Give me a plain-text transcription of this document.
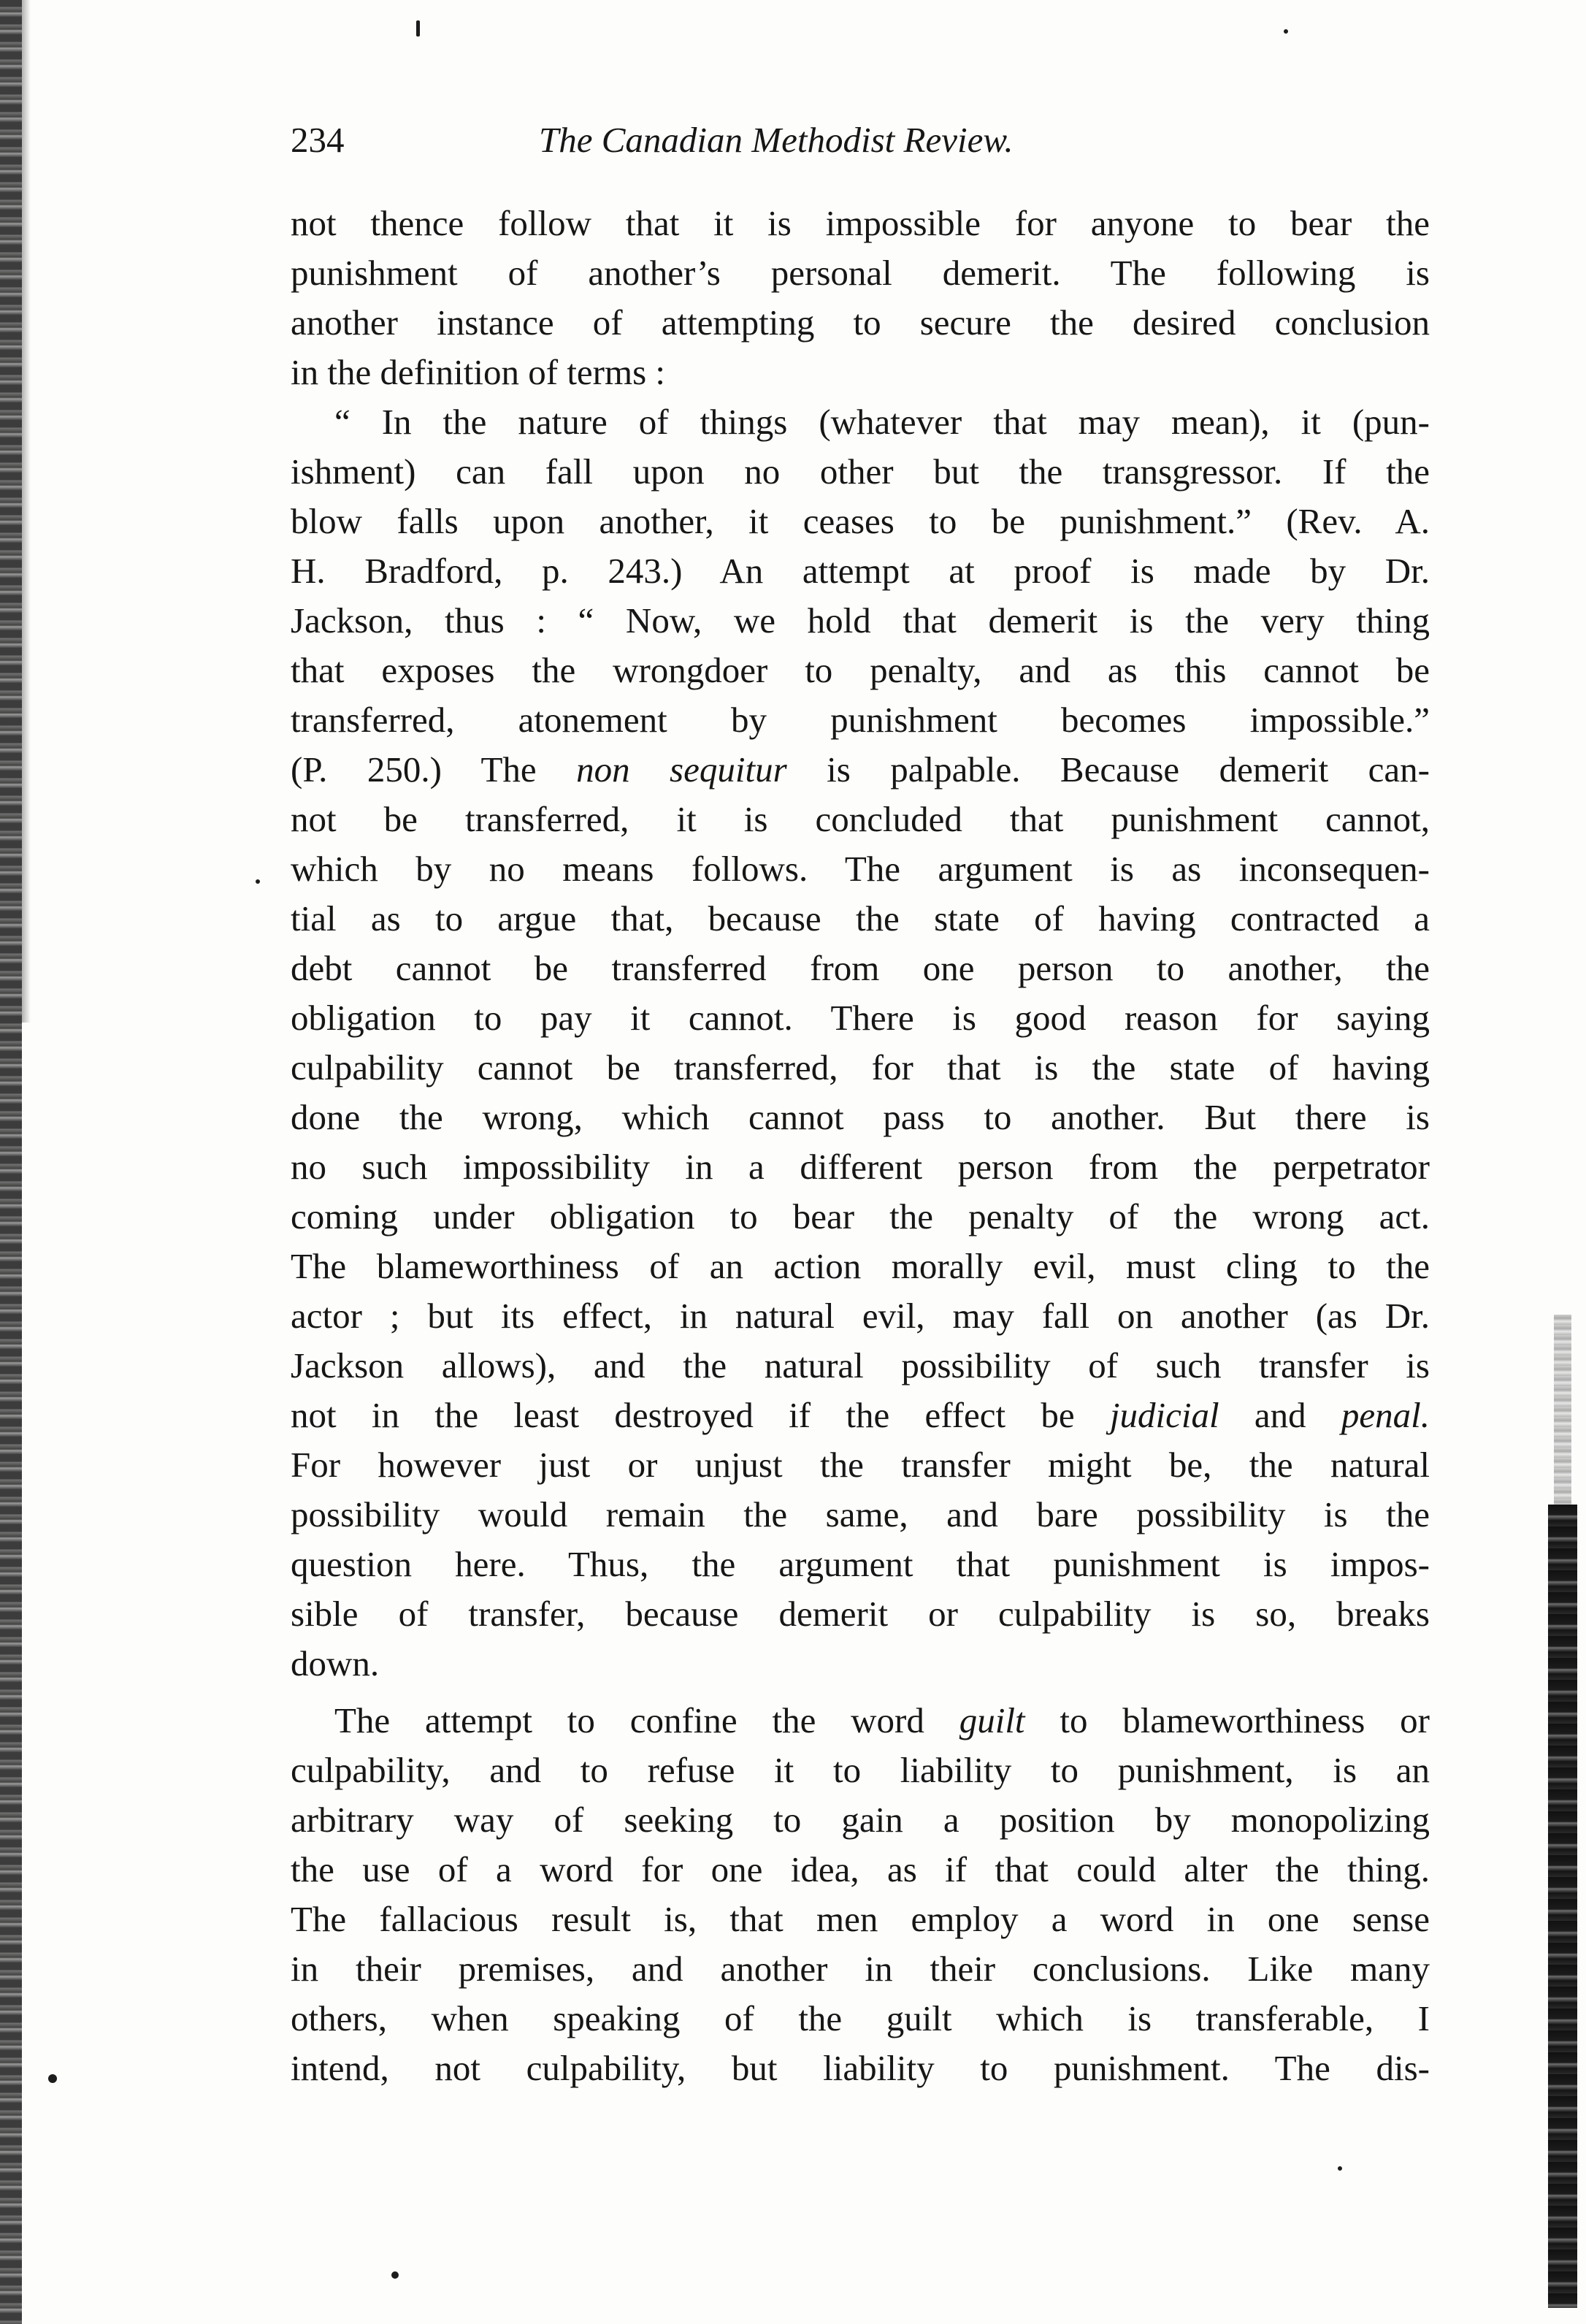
234	The Canadian Methodist Review.
not thence follow that it is impossible for anyone to bear the
punishment of another’s personal demerit. The following is
another instance of attempting to secure the desired conclusion
in the definition of terms :
“ In the nature of things (whatever that may mean), it (pun-
ishment) can fall upon no other but the transgressor. If the
blow falls upon another, it ceases to be punishment.” (Rev. A.
H. Bradford, p. 243.) An attempt at proof is made by Dr.
Jackson, thus : “ Now, we hold that demerit is the very thing
that exposes the wrongdoer to penalty, and as this cannot be
transferred, atonement by punishment becomes impossible.”
(P. 250.) The non sequitur is palpable. Because demerit can-
not be transferred, it is concluded that punishment cannot,
which by no means follows. The argument is as inconsequen-
tial as to argue that, because the state of having contracted a
debt cannot be transferred from one person to another, the
obligation to pay it cannot. There is good reason for saying
culpability cannot be transferred, for that is the state of having
done the wrong, which cannot pass to another. But there is
no such impossibility in a different person from the perpetrator
coming under obligation to bear the penalty of the wrong act.
The blameworthiness of an action morally evil, must cling to the
actor ; but its effect, in natural evil, may fall on another (as Dr.
Jackson allows), and the natural possibility of such transfer is
not in the least destroyed if the effect be judicial and penal.
For however just or unjust the transfer might be, the natural
possibility would remain the same, and bare possibility is the
question here. Thus, the argument that punishment is impos-
sible of transfer, because demerit or culpability is so, breaks
down.
The attempt to confine the word guilt to blameworthiness or
culpability, and to refuse it to liability to punishment, is an
arbitrary way of seeking to gain a position by monopolizing
the use of a word for one idea, as if that could alter the thing.
The fallacious result is, that men employ a word in one sense
in their premises, and another in their conclusions. Like many
others, when speaking of the guilt which is transferable, I
intend, not culpability, but liability to punishment. The dis-
